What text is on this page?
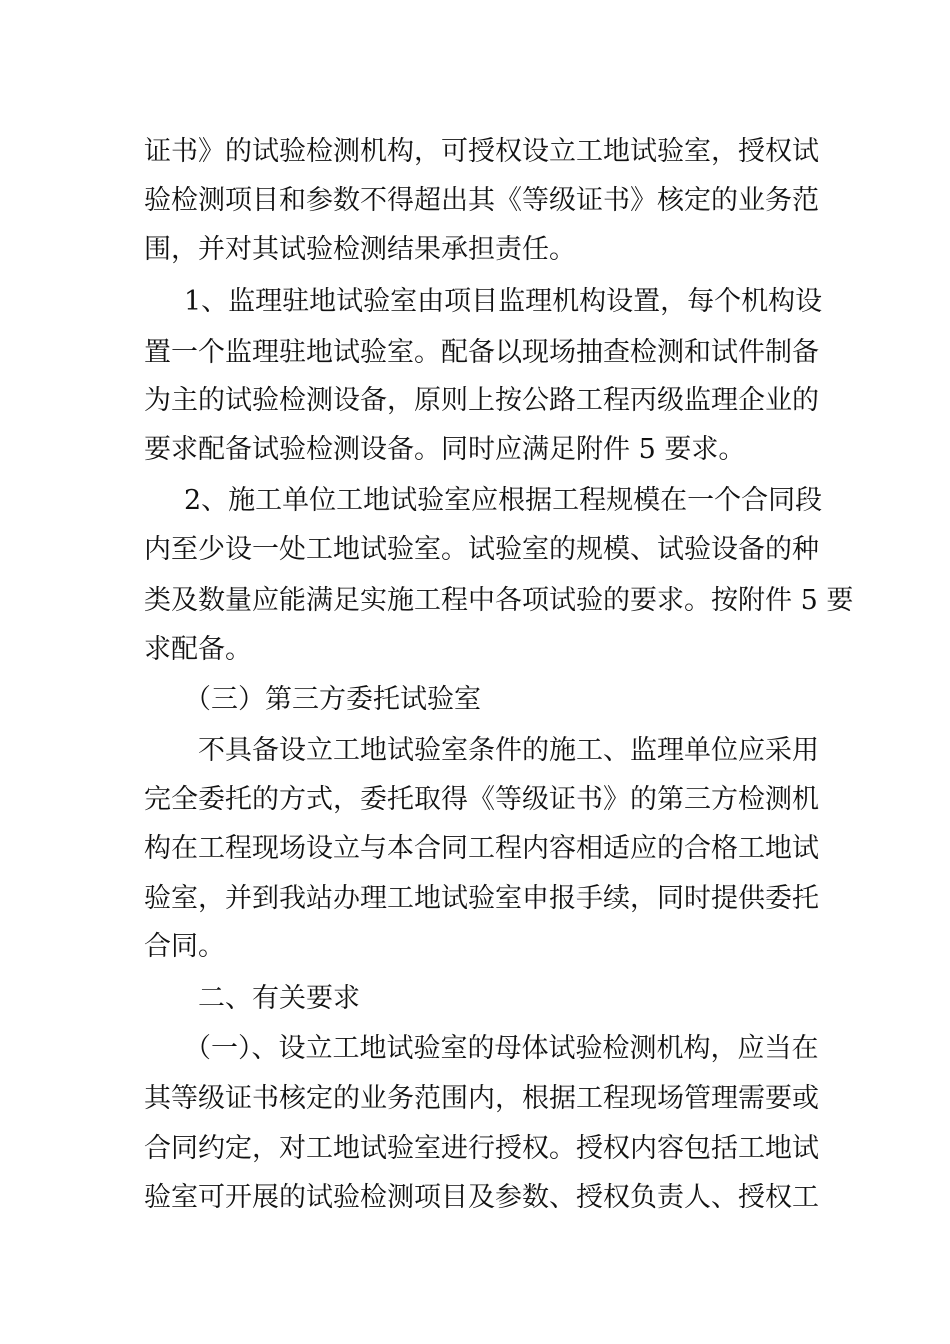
证书》的试验检测机构，可授权设立工地试验室，授权试
验检测项目和参数不得超出其《等级证书》核定的业务范
围，并对其试验检测结果承担责任。
1、监理驻地试验室由项目监理机构设置，每个机构设
置一个监理驻地试验室。配备以现场抽查检测和试件制备
为主的试验检测设备，原则上按公路工程丙级监理企业的
要求配备试验检测设备。同时应满足附件 5 要求。
2、施工单位工地试验室应根据工程规模在一个合同段
内至少设一处工地试验室。试验室的规模、试验设备的种
类及数量应能满足实施工程中各项试验的要求。按附件 5 要
求配备。
（三）第三方委托试验室
不具备设立工地试验室条件的施工、监理单位应采用
完全委托的方式，委托取得《等级证书》的第三方检测机
构在工程现场设立与本合同工程内容相适应的合格工地试
验室，并到我站办理工地试验室申报手续，同时提供委托
合同。
二、有关要求
（一）、设立工地试验室的母体试验检测机构，应当在
其等级证书核定的业务范围内，根据工程现场管理需要或
合同约定，对工地试验室进行授权。授权内容包括工地试
验室可开展的试验检测项目及参数、授权负责人、授权工
